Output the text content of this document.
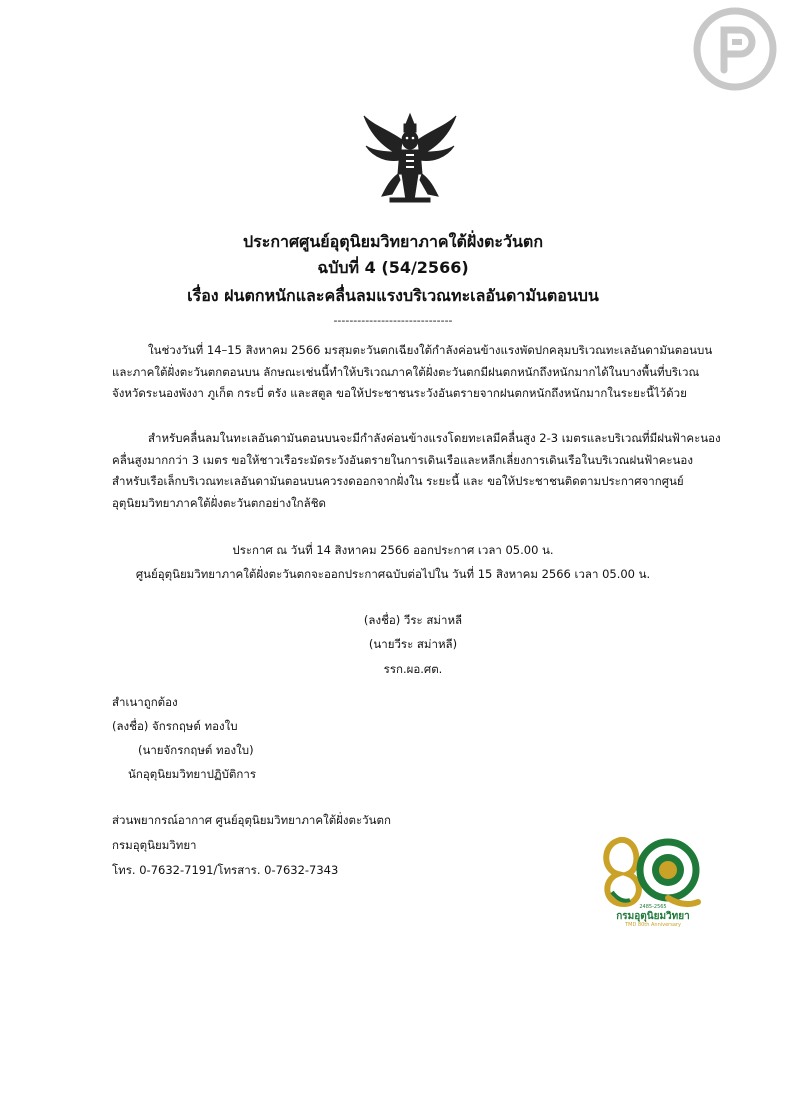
ประกาศศูนย์อุตุนิยมวิทยาภาคใต้ฝั่งตะวันตก
ฉบับที่ 4 (54/2566)
เรื่อง ฝนตกหนักและคลื่นลมแรงบริเวณทะเลอันดามันตอนบน
------------------------------
ในช่วงวันที่ 14–15 สิงหาคม 2566 มรสุมตะวันตกเฉียงใต้กำลังค่อนข้างแรงพัดปกคลุมบริเวณทะเลอันดามันตอนบนและภาคใต้ฝั่งตะวันตกตอนบน ลักษณะเช่นนี้ทำให้บริเวณภาคใต้ฝั่งตะวันตกมีฝนตกหนักถึงหนักมากได้ในบางพื้นที่บริเวณจังหวัดระนองพังงา ภูเก็ต กระบี่ ตรัง และสตูล ขอให้ประชาชนระวังอันตรายจากฝนตกหนักถึงหนักมากในระยะนี้ไว้ด้วย
สำหรับคลื่นลมในทะเลอันดามันตอนบนจะมีกำลังค่อนข้างแรงโดยทะเลมีคลื่นสูง 2-3 เมตรและบริเวณที่มีฝนฟ้าคะนองคลื่นสูงมากกว่า 3 เมตร ขอให้ชาวเรือระมัดระวังอันตรายในการเดินเรือและหลีกเลี่ยงการเดินเรือในบริเวณฝนฟ้าคะนองสำหรับเรือเล็กบริเวณทะเลอันดามันตอนบนควรงดออกจากฝั่งใน ระยะนี้ และ ขอให้ประชาชนติดตามประกาศจากศูนย์อุตุนิยมวิทยาภาคใต้ฝั่งตะวันตกอย่างใกล้ชิด
ประกาศ ณ วันที่ 14 สิงหาคม 2566 ออกประกาศ เวลา 05.00 น.
ศูนย์อุตุนิยมวิทยาภาคใต้ฝั่งตะวันตกจะออกประกาศฉบับต่อไปใน วันที่ 15 สิงหาคม 2566 เวลา 05.00 น.
(ลงชื่อ) วีระ สม่าหลี
(นายวีระ สม่าหลี)
รรก.ผอ.ศต.
สำเนาถูกต้อง
(ลงชื่อ) จักรกฤษต์ ทองใบ
(นายจักรกฤษต์ ทองใบ)
นักอุตุนิยมวิทยาปฏิบัติการ
ส่วนพยากรณ์อากาศ ศูนย์อุตุนิยมวิทยาภาคใต้ฝั่งตะวันตก
กรมอุตุนิยมวิทยา
โทร. 0-7632-7191/โทรสาร. 0-7632-7343
2485-2565
กรมอุตุนิยมวิทยา
TMD 80th Anniversary
